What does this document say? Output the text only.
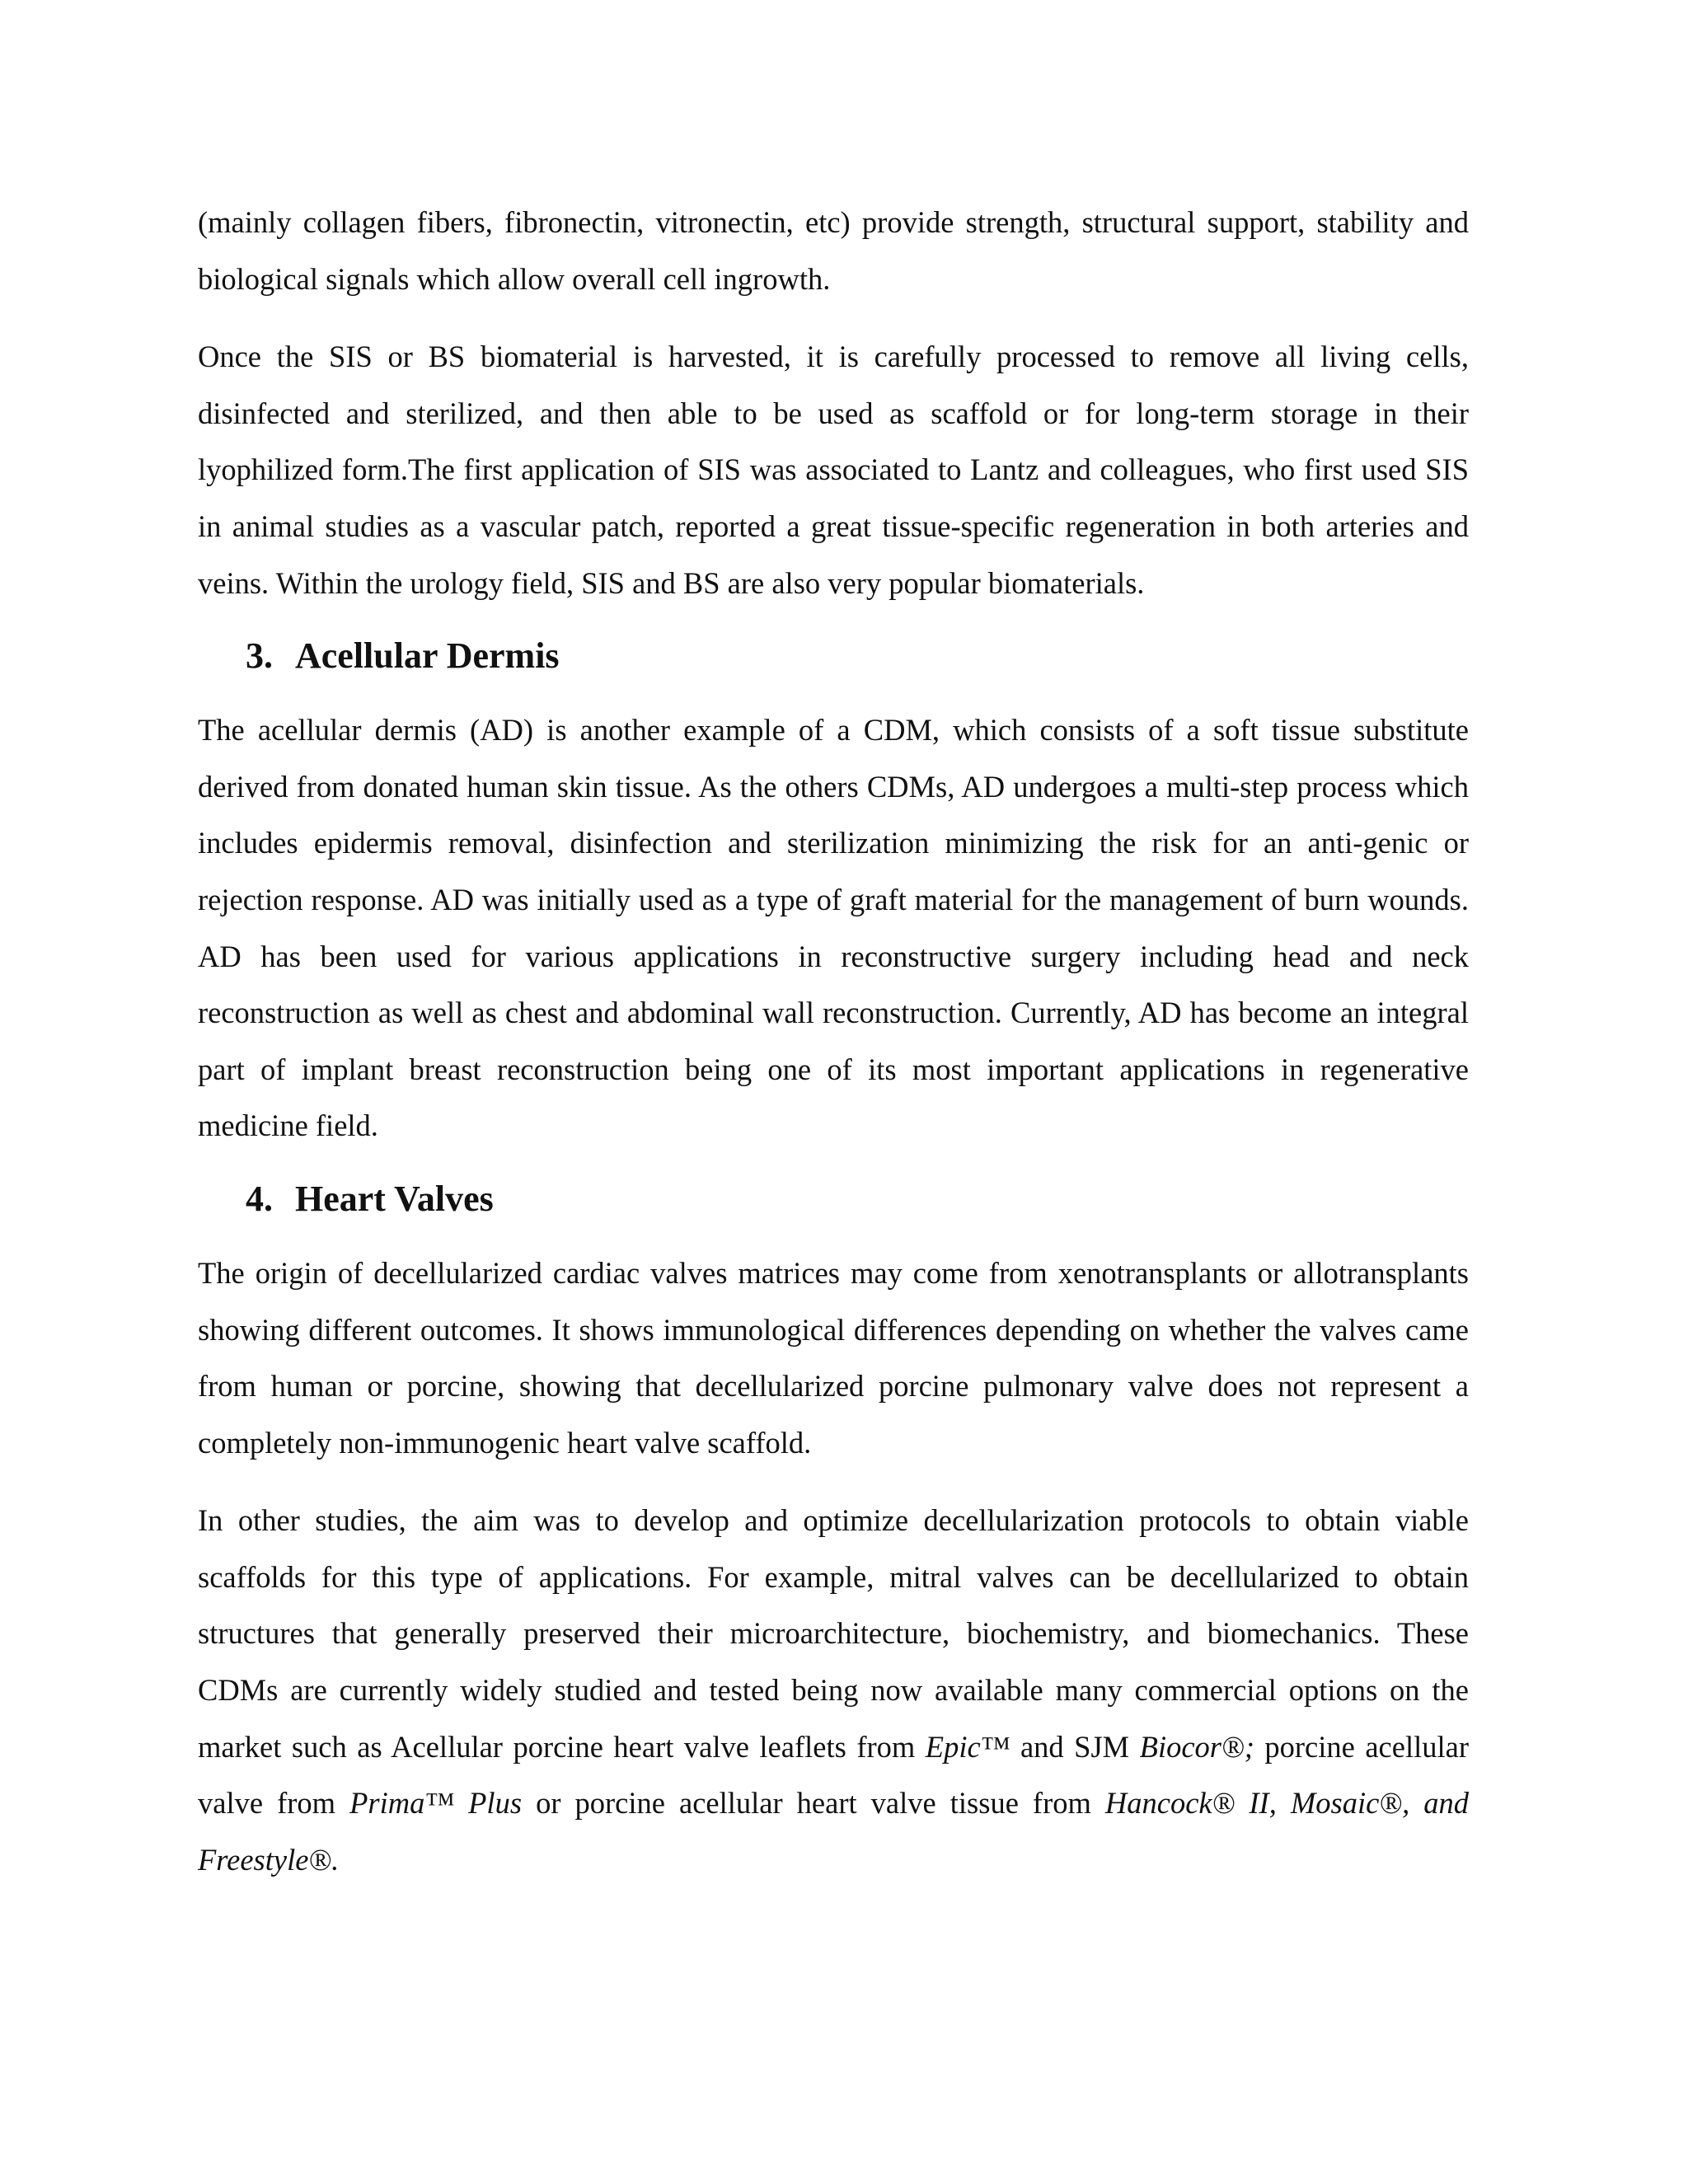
(mainly collagen fibers, fibronectin, vitronectin, etc) provide strength, structural support, stability and biological signals which allow overall cell ingrowth.

Once the SIS or BS biomaterial is harvested, it is carefully processed to remove all living cells, disinfected and sterilized, and then able to be used as scaffold or for long-term storage in their lyophilized form.The first application of SIS was associated to Lantz and colleagues, who first used SIS in animal studies as a vascular patch, reported a great tissue-specific regeneration in both arteries and veins. Within the urology field, SIS and BS are also very popular biomaterials.

3. Acellular Dermis

The acellular dermis (AD) is another example of a CDM, which consists of a soft tissue substitute derived from donated human skin tissue. As the others CDMs, AD undergoes a multi-step process which includes epidermis removal, disinfection and sterilization minimizing the risk for an anti-genic or rejection response. AD was initially used as a type of graft material for the management of burn wounds. AD has been used for various applications in reconstructive surgery including head and neck reconstruction as well as chest and abdominal wall reconstruction. Currently, AD has become an integral part of implant breast reconstruction being one of its most important applications in regenerative medicine field.

4. Heart Valves

The origin of decellularized cardiac valves matrices may come from xenotransplants or allotransplants showing different outcomes. It shows immunological differences depending on whether the valves came from human or porcine, showing that decellularized porcine pulmonary valve does not represent a completely non-immunogenic heart valve scaffold.

In other studies, the aim was to develop and optimize decellularization protocols to obtain viable scaffolds for this type of applications. For example, mitral valves can be decellularized to obtain structures that generally preserved their microarchitecture, biochemistry, and biomechanics. These CDMs are currently widely studied and tested being now available many commercial options on the market such as Acellular porcine heart valve leaflets from Epic™ and SJM Biocor®; porcine acellular valve from Prima™ Plus or porcine acellular heart valve tissue from Hancock® II, Mosaic®, and Freestyle®.
